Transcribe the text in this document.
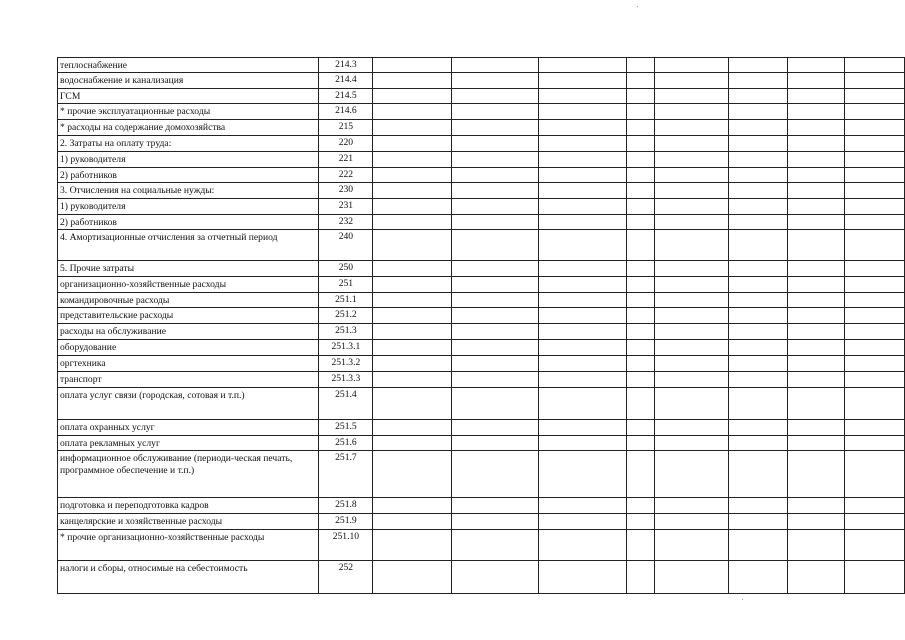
теплоснабжение	214.3								
водоснабжение и канализация	214.4								
ГСМ	214.5								
* прочие эксплуатационные расходы	214.6								
* расходы на содержание домохозяйства	215								
2. Затраты на оплату труда:	220								
1) руководителя	221								
2) работников	222								
3. Отчисления на социальные нужды:	230								
1) руководителя	231								
2) работников	232								
4. Амортизационные отчисления за отчетный период	240								
5. Прочие затраты	250								
организационно-хозяйственные расходы	251								
командировочные расходы	251.1								
представительские расходы	251.2								
расходы на обслуживание	251.3								
оборудование	251.3.1								
оргтехника	251.3.2								
транспорт	251.3.3								
оплата услуг связи (городская, сотовая и т.п.)	251.4								
оплата охранных услуг	251.5								
оплата рекламных услуг	251.6								
информационное обслуживание (периоди-ческая печать, программное обеспечение и т.п.)	251.7								
подготовка и переподготовка кадров	251.8								
канцелярские и хозяйственные расходы	251.9								
* прочие организационно-хозяйственные расходы	251.10								
налоги и сборы, относимые на себестоимость	252								
